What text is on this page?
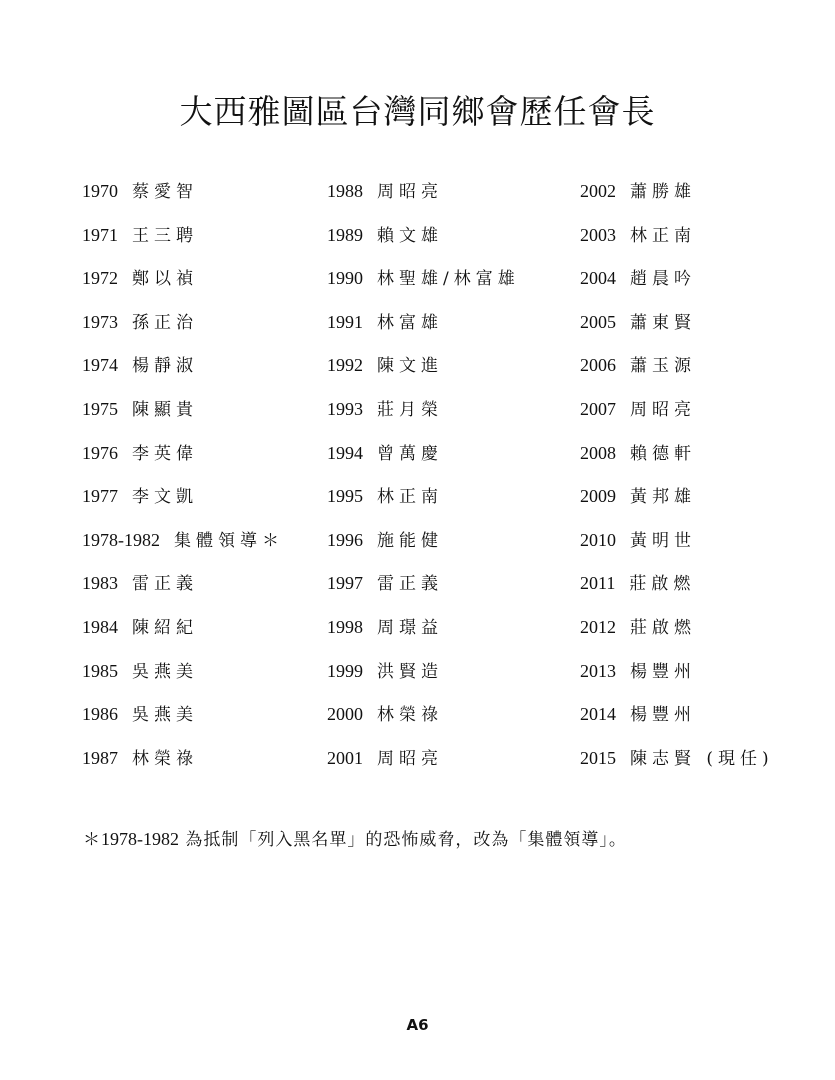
大西雅圖區台灣同鄉會歷任會長
1970 蔡愛智
1971 王三聘
1972 鄭以禎
1973 孫正治
1974 楊靜淑
1975 陳顯貴
1976 李英偉
1977 李文凱
1978-1982 集體領導＊
1983 雷正義
1984 陳紹紀
1985 吳燕美
1986 吳燕美
1987 林榮祿
1988 周昭亮
1989 賴文雄
1990 林聖雄/林富雄
1991 林富雄
1992 陳文進
1993 莊月榮
1994 曾萬慶
1995 林正南
1996 施能健
1997 雷正義
1998 周璟益
1999 洪賢造
2000 林榮祿
2001 周昭亮
2002 蕭勝雄
2003 林正南
2004 趙晨吟
2005 蕭東賢
2006 蕭玉源
2007 周昭亮
2008 賴德軒
2009 黃邦雄
2010 黃明世
2011 莊啟燃
2012 莊啟燃
2013 楊豐州
2014 楊豐州
2015 陳志賢 (現任)
＊1978-1982 為抵制「列入黑名單」的恐怖威脅，改為「集體領導」。
A6
